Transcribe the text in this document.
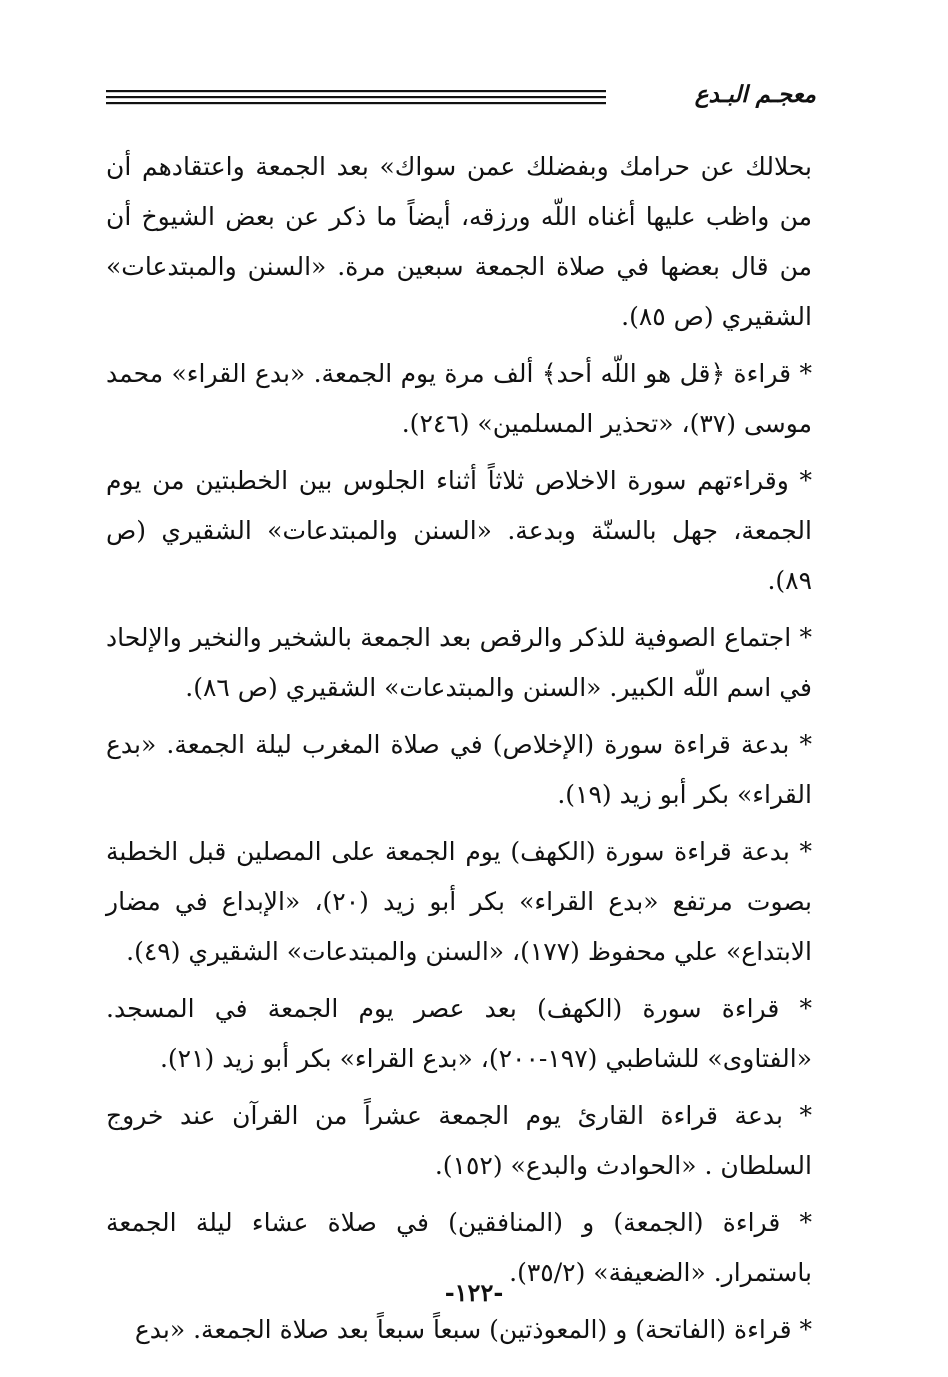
معجـم البـدع

بحلالك عن حرامك وبفضلك عمن سواك» بعد الجمعة واعتقادهم أن من واظب عليها أغناه اللّه ورزقه، أيضاً ما ذكر عن بعض الشيوخ أن من قال بعضها في صلاة الجمعة سبعين مرة. «السنن والمبتدعات» الشقيري (ص ٨٥).

* قراءة ﴿قل هو اللّه أحد﴾ ألف مرة يوم الجمعة. «بدع القراء» محمد موسى (٣٧)، «تحذير المسلمين» (٢٤٦).

* وقراءتهم سورة الاخلاص ثلاثاً أثناء الجلوس بين الخطبتين من يوم الجمعة، جهل بالسنّة وبدعة. «السنن والمبتدعات» الشقيري (ص ٨٩).

* اجتماع الصوفية للذكر والرقص بعد الجمعة بالشخير والنخير والإلحاد في اسم اللّه الكبير. «السنن والمبتدعات» الشقيري (ص ٨٦).

* بدعة قراءة سورة (الإخلاص) في صلاة المغرب ليلة الجمعة. «بدع القراء» بكر أبو زيد (١٩).

* بدعة قراءة سورة (الكهف) يوم الجمعة على المصلين قبل الخطبة بصوت مرتفع «بدع القراء» بكر أبو زيد (٢٠)، «الإبداع في مضار الابتداع» علي محفوظ (١٧٧)، «السنن والمبتدعات» الشقيري (٤٩).

* قراءة سورة (الكهف) بعد عصر يوم الجمعة في المسجد. «الفتاوى» للشاطبي (١٩٧-٢٠٠)، «بدع القراء» بكر أبو زيد (٢١).

* بدعة قراءة القارئ يوم الجمعة عشراً من القرآن عند خروج السلطان . «الحوادث والبدع» (١٥٢).

* قراءة (الجمعة) و (المنافقين) في صلاة عشاء ليلة الجمعة باستمرار. «الضعيفة» (٣٥/٢).

* قراءة (الفاتحة) و (المعوذتين) سبعاً سبعاً بعد صلاة الجمعة. «بدع

-١٢٢-
